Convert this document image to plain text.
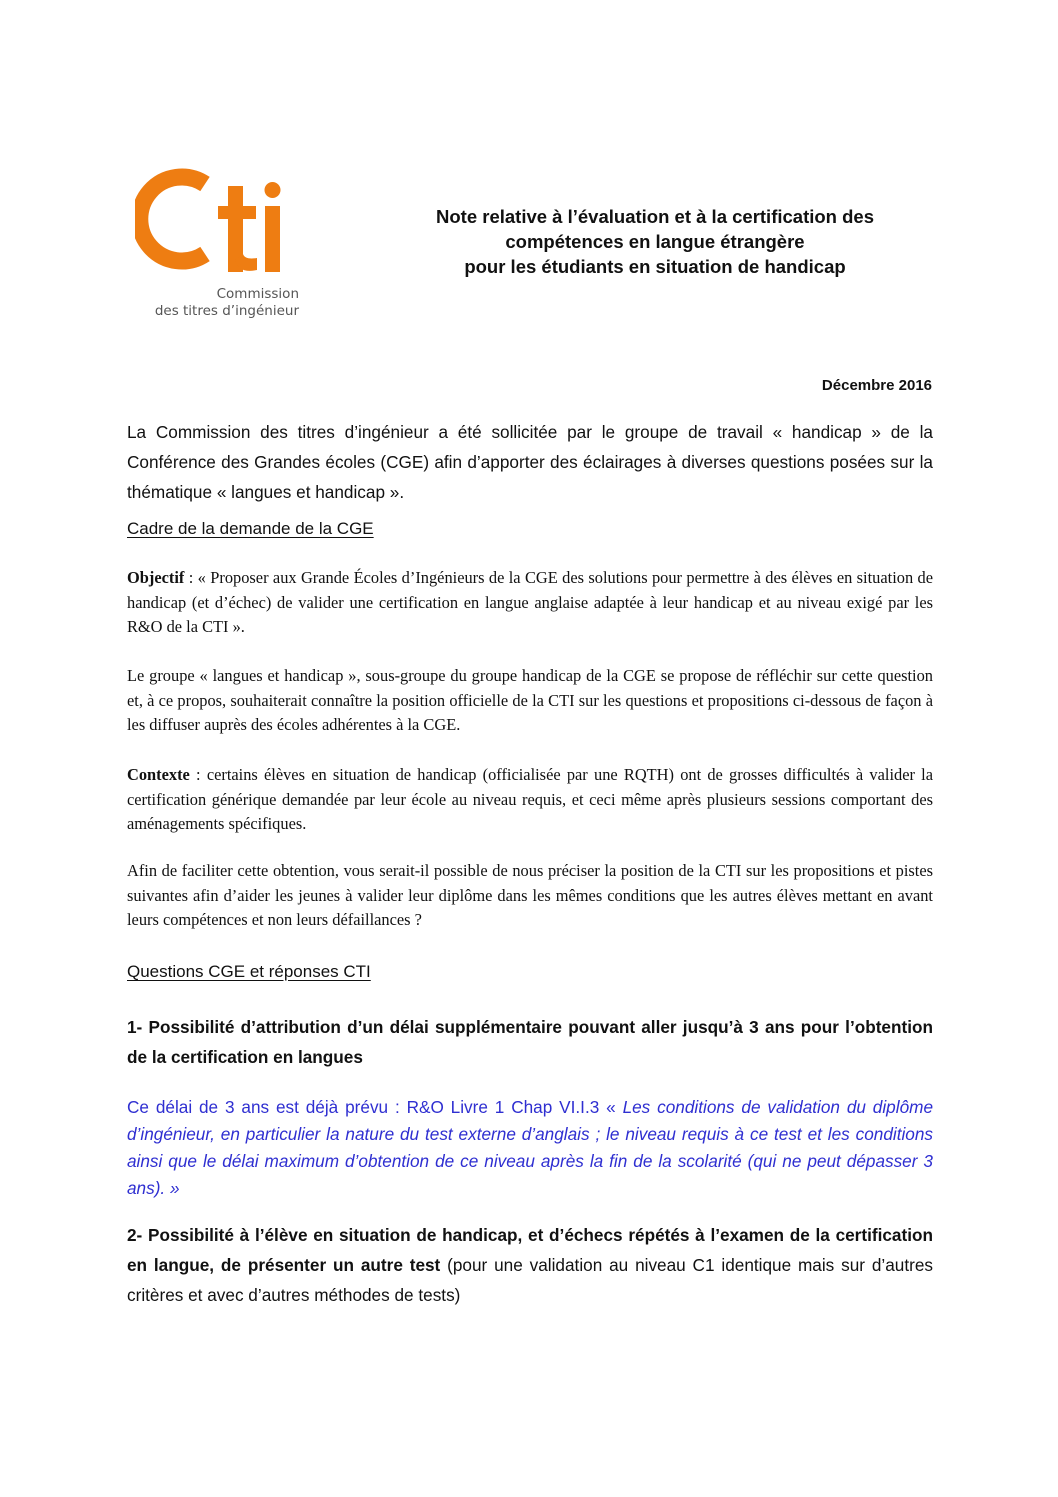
Commission
des titres d’ingénieur
Note relative à l’évaluation et à la certification des
compétences en langue étrangère
pour les étudiants en situation de handicap
Décembre 2016
La Commission des titres d’ingénieur a été sollicitée par le groupe de travail « handicap » de la Conférence des Grandes écoles (CGE) afin d’apporter des éclairages à diverses questions posées sur la thématique « langues et handicap ».
Cadre de la demande de la CGE
Objectif : « Proposer aux Grande Écoles d’Ingénieurs de la CGE des solutions pour permettre à des élèves en situation de handicap (et d’échec) de valider une certification en langue anglaise adaptée à leur handicap et au niveau exigé par les R&O de la CTI ».
Le groupe « langues et handicap », sous-groupe du groupe handicap de la CGE se propose de réfléchir sur cette question et, à ce propos, souhaiterait connaître la position officielle de la CTI sur les questions et propositions ci-dessous de façon à les diffuser auprès des écoles adhérentes à la CGE.
Contexte : certains élèves en situation de handicap (officialisée par une RQTH) ont de grosses difficultés à valider la certification générique demandée par leur école au niveau requis, et ceci même après plusieurs sessions comportant des aménagements spécifiques.
Afin de faciliter cette obtention, vous serait-il possible de nous préciser la position de la CTI sur les propositions et pistes suivantes afin d’aider les jeunes à valider leur diplôme dans les mêmes conditions que les autres élèves mettant en avant leurs compétences et non leurs défaillances ?
Questions CGE et réponses CTI
1- Possibilité d’attribution d’un délai supplémentaire pouvant aller jusqu’à 3 ans pour l’obtention de la certification en langues
Ce délai de 3 ans est déjà prévu : R&O Livre 1 Chap VI.I.3 « Les conditions de validation du diplôme d’ingénieur, en particulier la nature du test externe d’anglais ; le niveau requis à ce test et les conditions ainsi que le délai maximum d’obtention de ce niveau après la fin de la scolarité (qui ne peut dépasser 3 ans). »
2- Possibilité à l’élève en situation de handicap, et d’échecs répétés à l’examen de la certification en langue, de présenter un autre test (pour une validation au niveau C1 identique mais sur d’autres critères et avec d’autres méthodes de tests)
